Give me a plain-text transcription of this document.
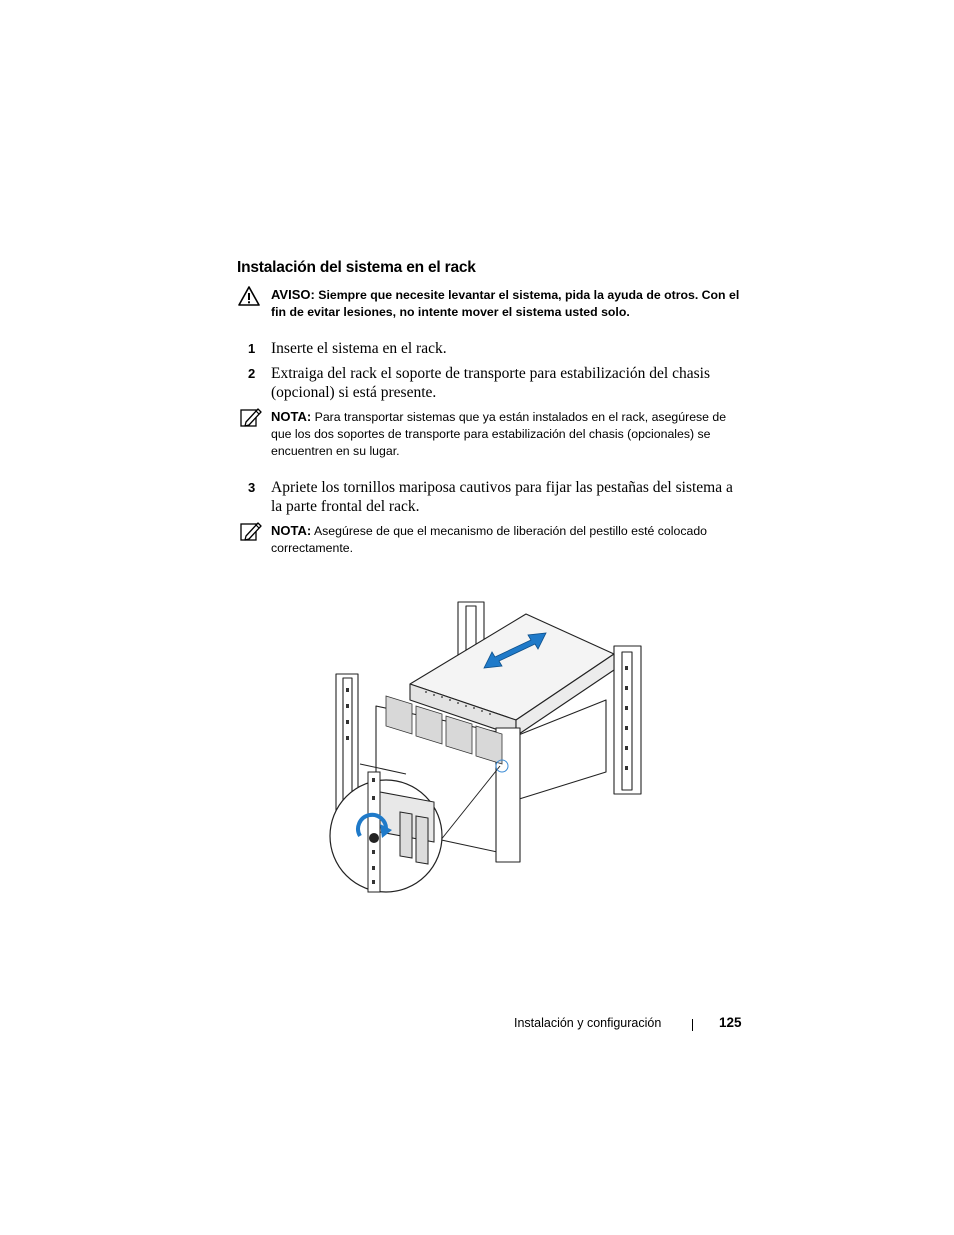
Instalación del sistema en el rack
AVISO: Siempre que necesite levantar el sistema, pida la ayuda de otros. Con el fin de evitar lesiones, no intente mover el sistema usted solo.
1 Inserte el sistema en el rack.
2 Extraiga del rack el soporte de transporte para estabilización del chasis (opcional) si está presente.
NOTA: Para transportar sistemas que ya están instalados en el rack, asegúrese de que los dos soportes de transporte para estabilización del chasis (opcionales) se encuentren en su lugar.
3 Apriete los tornillos mariposa cautivos para fijar las pestañas del sistema a la parte frontal del rack.
NOTA: Asegúrese de que el mecanismo de liberación del pestillo esté colocado correctamente.
Instalación y configuración	125
